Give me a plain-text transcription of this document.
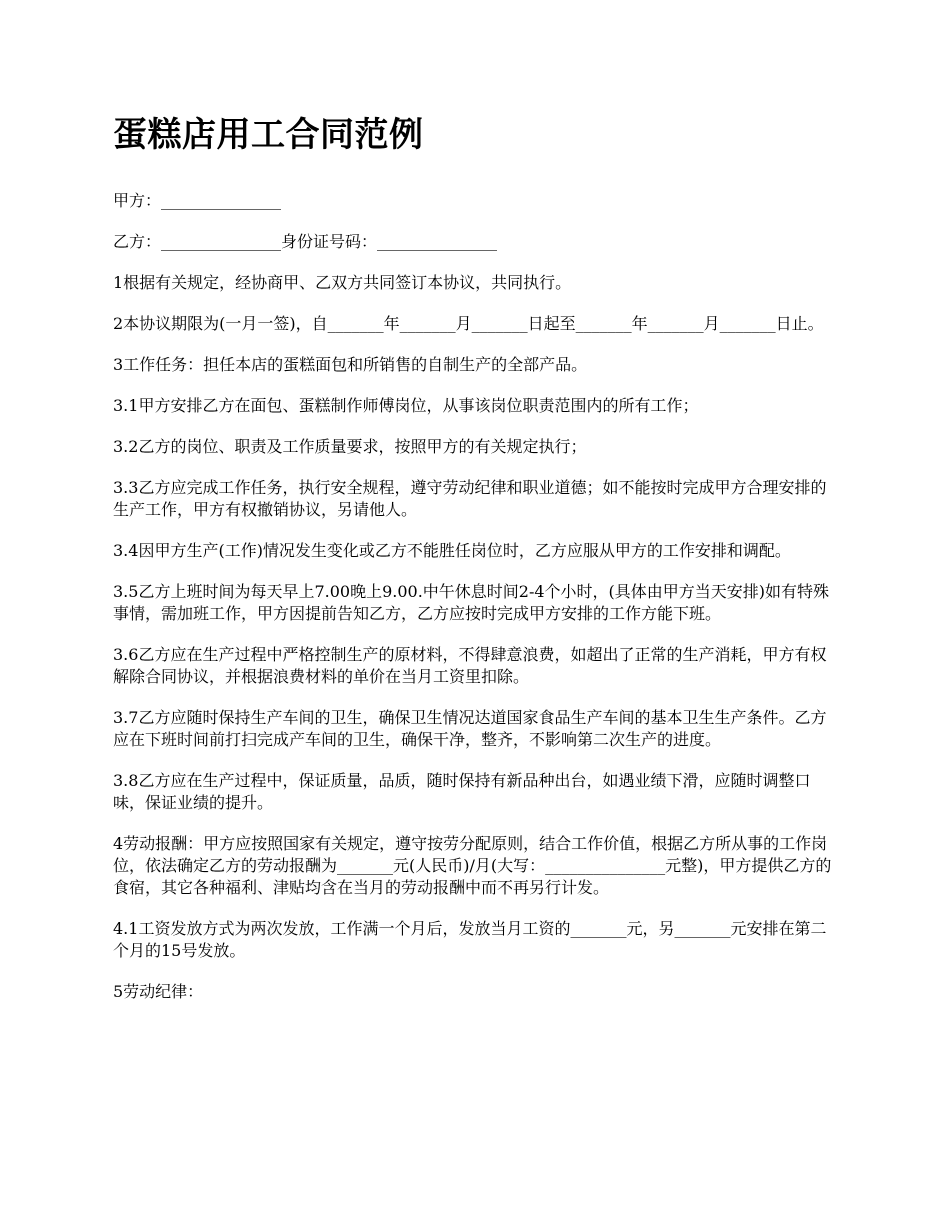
蛋糕店用工合同范例

甲方：_______________

乙方：_______________身份证号码：_______________

1根据有关规定，经协商甲、乙双方共同签订本协议，共同执行。

2本协议期限为(一月一签)，自_______年_______月_______日起至_______年_______月_______日止。

3工作任务：担任本店的蛋糕面包和所销售的自制生产的全部产品。

3.1甲方安排乙方在面包、蛋糕制作师傅岗位，从事该岗位职责范围内的所有工作；

3.2乙方的岗位、职责及工作质量要求，按照甲方的有关规定执行；

3.3乙方应完成工作任务，执行安全规程，遵守劳动纪律和职业道德；如不能按时完成甲方合理安排的生产工作，甲方有权撤销协议，另请他人。

3.4因甲方生产(工作)情况发生变化或乙方不能胜任岗位时，乙方应服从甲方的工作安排和调配。

3.5乙方上班时间为每天早上7.00晚上9.00.中午休息时间2-4个小时，(具体由甲方当天安排)如有特殊事情，需加班工作，甲方因提前告知乙方，乙方应按时完成甲方安排的工作方能下班。

3.6乙方应在生产过程中严格控制生产的原材料，不得肆意浪费，如超出了正常的生产消耗，甲方有权解除合同协议，并根据浪费材料的单价在当月工资里扣除。

3.7乙方应随时保持生产车间的卫生，确保卫生情况达道国家食品生产车间的基本卫生生产条件。乙方应在下班时间前打扫完成产车间的卫生，确保干净，整齐，不影响第二次生产的进度。

3.8乙方应在生产过程中，保证质量，品质，随时保持有新品种出台，如遇业绩下滑，应随时调整口味，保证业绩的提升。

4劳动报酬：甲方应按照国家有关规定，遵守按劳分配原则，结合工作价值，根据乙方所从事的工作岗位，依法确定乙方的劳动报酬为_______元(人民币)/月(大写：_______________元整)，甲方提供乙方的食宿，其它各种福利、津贴均含在当月的劳动报酬中而不再另行计发。

4.1工资发放方式为两次发放，工作满一个月后，发放当月工资的_______元，另_______元安排在第二个月的15号发放。

5劳动纪律：
